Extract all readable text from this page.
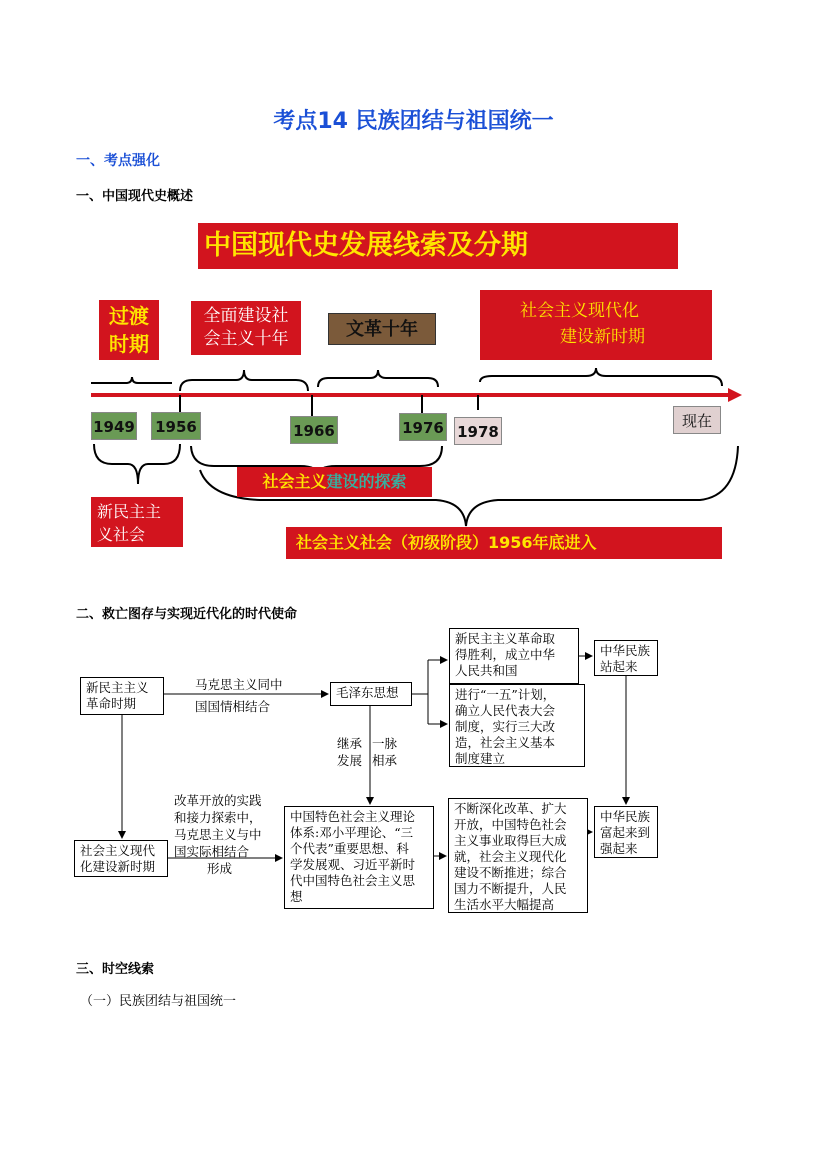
考点14 民族团结与祖国统一
一、考点强化
一、中国现代史概述
中国现代史发展线索及分期
过渡
时期
全面建设社
会主义十年	文革十年
社会主义现代化
建设新时期
1949 1956	1966	1976 1978
现在
社会主义建设的探索
新民主主
义社会	社会主义社会（初级阶段）1956年底进入
二、救亡图存与实现近代化的时代使命
新民主主义
革命时期
毛泽东思想
新民主主义革命取
得胜利，成立中华
人民共和国
进行“一五”计划，
确立人民代表大会
制度，实行三大改
造，社会主义基本
制度建立
中华民族
站起来
社会主义现代
化建设新时期
中国特色社会主义理论
体系:邓小平理论、“三
个代表”重要思想、科
学发展观、习近平新时
代中国特色社会主义思
想
不断深化改革、扩大
开放，中国特色社会
主义事业取得巨大成
就，社会主义现代化
建设不断推进；综合
国力不断提升，人民
生活水平大幅提高
中华民族
富起来到
强起来
马克思主义同中
国国情相结合
继承
发展
一脉
相承
改革开放的实践
和接力探索中，
马克思主义与中
国实际相结合
形成
三、时空线索
（一）民族团结与祖国统一
